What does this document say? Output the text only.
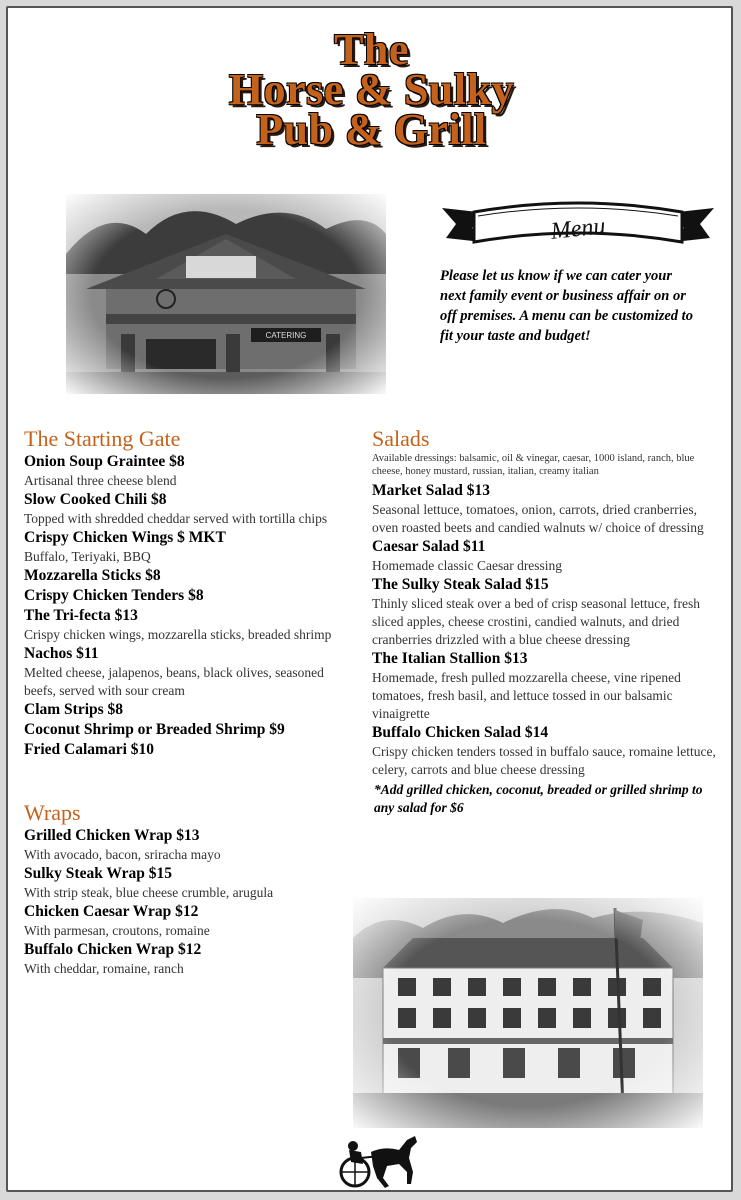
The
Horse & Sulky
Pub & Grill
Menu
Please let us know if we can cater your next family event or business affair on or off premises. A menu can be customized to fit your taste and budget!
The Starting Gate
Onion Soup Graintee $8
Artisanal three cheese blend
Slow Cooked Chili $8
Topped with shredded cheddar served with tortilla chips
Crispy Chicken Wings $ MKT
Buffalo, Teriyaki, BBQ
Mozzarella Sticks $8
Crispy Chicken Tenders $8
The Tri-fecta $13
Crispy chicken wings, mozzarella sticks, breaded shrimp
Nachos $11
Melted cheese, jalapenos, beans, black olives, seasoned beefs, served with sour cream
Clam Strips $8
Coconut Shrimp or Breaded Shrimp $9
Fried Calamari $10
Wraps
Grilled Chicken Wrap $13
With avocado, bacon, sriracha mayo
Sulky Steak Wrap $15
With strip steak, blue cheese crumble, arugula
Chicken Caesar Wrap $12
With parmesan, croutons, romaine
Buffalo Chicken Wrap $12
With cheddar, romaine, ranch
Salads
Available dressings: balsamic, oil & vinegar, caesar, 1000 island, ranch, blue cheese, honey mustard, russian, italian, creamy italian
Market Salad $13
Seasonal lettuce, tomatoes, onion, carrots, dried cranberries, oven roasted beets and candied walnuts w/ choice of dressing
Caesar Salad $11
Homemade classic Caesar dressing
The Sulky Steak Salad $15
Thinly sliced steak over a bed of crisp seasonal lettuce, fresh sliced apples, cheese crostini, candied walnuts, and dried cranberries drizzled with a blue cheese dressing
The Italian Stallion $13
Homemade, fresh pulled mozzarella cheese, vine ripened tomatoes, fresh basil, and lettuce tossed in our balsamic vinaigrette
Buffalo Chicken Salad $14
Crispy chicken tenders tossed in buffalo sauce, romaine lettuce, celery, carrots and blue cheese dressing
*Add grilled chicken, coconut, breaded or grilled shrimp to any salad for $6
